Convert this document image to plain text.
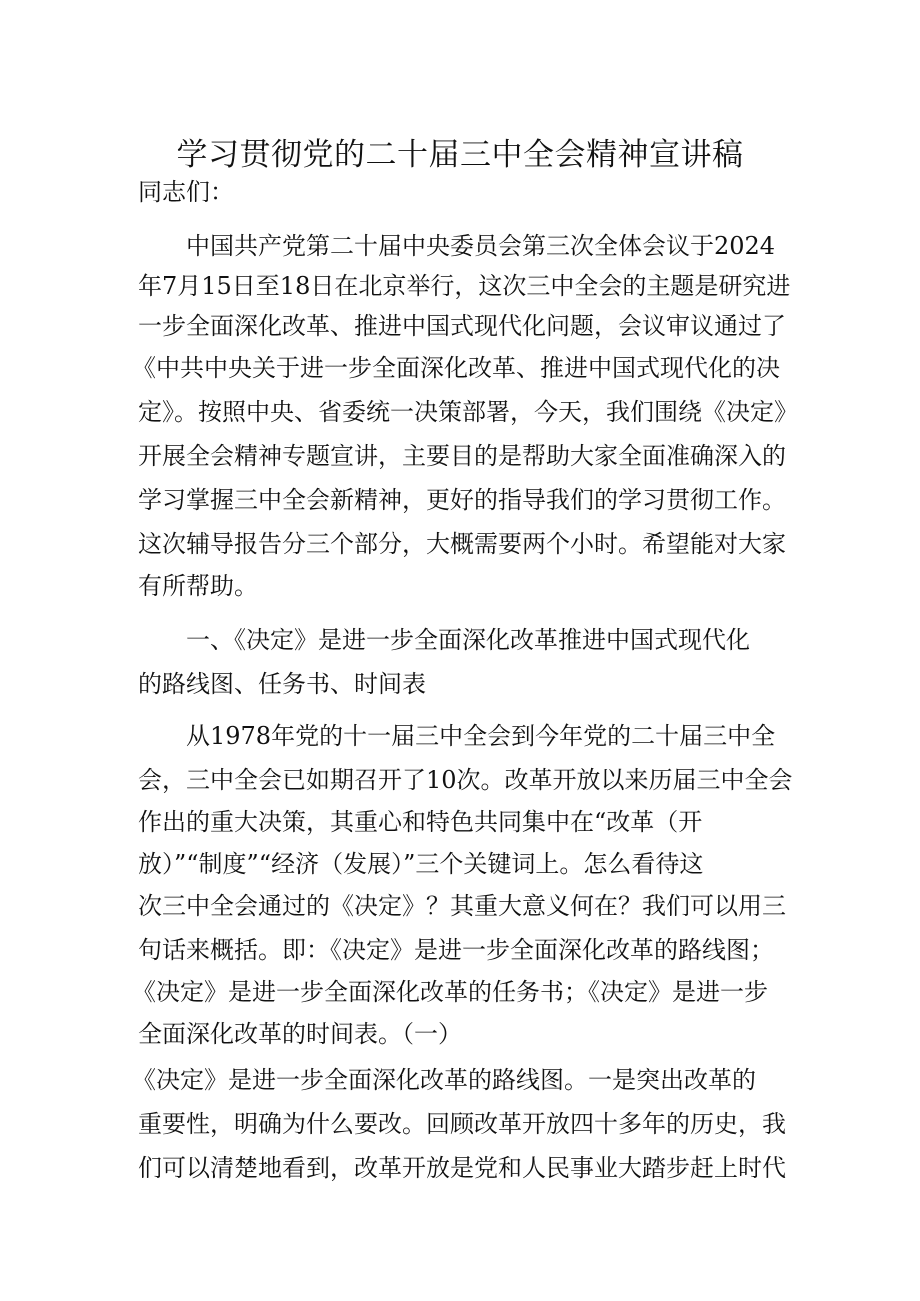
学习贯彻党的二十届三中全会精神宣讲稿
同志们：
中国共产党第二十届中央委员会第三次全体会议于2024
年7月15日至18日在北京举行，这次三中全会的主题是研究进
一步全面深化改革、推进中国式现代化问题，会议审议通过了
《中共中央关于进一步全面深化改革、推进中国式现代化的决
定》。按照中央、省委统一决策部署，今天，我们围绕《决定》
开展全会精神专题宣讲，主要目的是帮助大家全面准确深入的
学习掌握三中全会新精神，更好的指导我们的学习贯彻工作。
这次辅导报告分三个部分，大概需要两个小时。希望能对大家
有所帮助。
一、《决定》是进一步全面深化改革推进中国式现代化
的路线图、任务书、时间表
从1978年党的十一届三中全会到今年党的二十届三中全
会，三中全会已如期召开了10次。改革开放以来历届三中全会
作出的重大决策，其重心和特色共同集中在“改革（开
放）”“制度”“经济（发展）”三个关键词上。怎么看待这
次三中全会通过的《决定》？其重大意义何在？我们可以用三
句话来概括。即：《决定》是进一步全面深化改革的路线图；
《决定》是进一步全面深化改革的任务书；《决定》是进一步
全面深化改革的时间表。（一）
《决定》是进一步全面深化改革的路线图。一是突出改革的
重要性，明确为什么要改。回顾改革开放四十多年的历史，我
们可以清楚地看到，改革开放是党和人民事业大踏步赶上时代
